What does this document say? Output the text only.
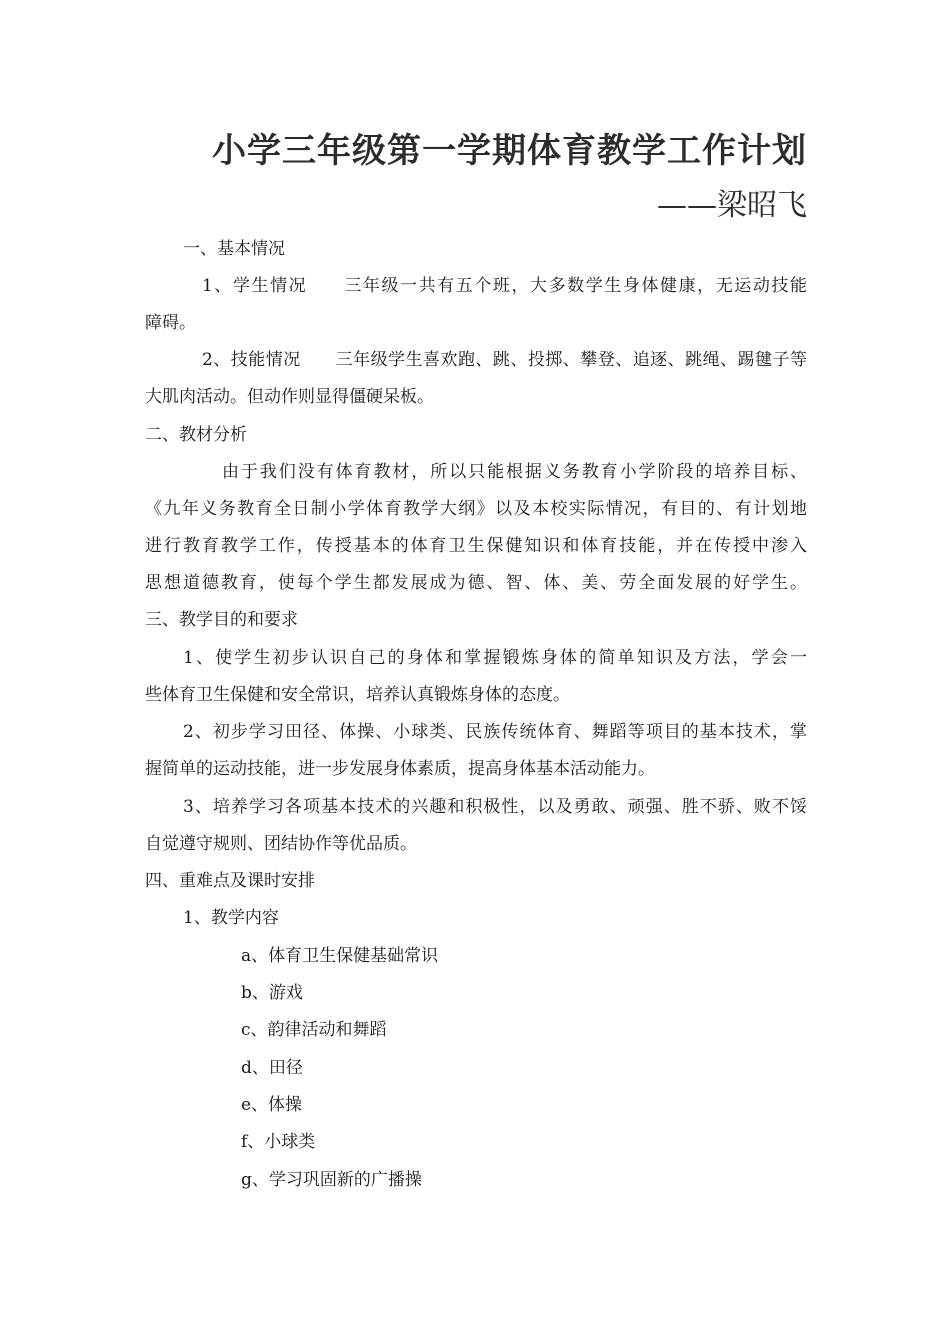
小学三年级第一学期体育教学工作计划
——梁昭飞
一、基本情况
1、学生情况　　三年级一共有五个班，大多数学生身体健康，无运动技能
障碍。
2、技能情况　　三年级学生喜欢跑、跳、投掷、攀登、追逐、跳绳、踢毽子等
大肌肉活动。但动作则显得僵硬呆板。
二、教材分析
由于我们没有体育教材，所以只能根据义务教育小学阶段的培养目标、
《九年义务教育全日制小学体育教学大纲》以及本校实际情况，有目的、有计划地
进行教育教学工作，传授基本的体育卫生保健知识和体育技能，并在传授中渗入
思想道德教育，使每个学生都发展成为德、智、体、美、劳全面发展的好学生。
三、教学目的和要求
1、使学生初步认识自己的身体和掌握锻炼身体的简单知识及方法，学会一
些体育卫生保健和安全常识，培养认真锻炼身体的态度。
2、初步学习田径、体操、小球类、民族传统体育、舞蹈等项目的基本技术，掌
握简单的运动技能，进一步发展身体素质，提高身体基本活动能力。
3、培养学习各项基本技术的兴趣和积极性，以及勇敢、顽强、胜不骄、败不馁
自觉遵守规则、团结协作等优品质。
四、重难点及课时安排
1、教学内容
a、体育卫生保健基础常识
b、游戏
c、韵律活动和舞蹈
d、田径
e、体操
f、小球类
g、学习巩固新的广播操
